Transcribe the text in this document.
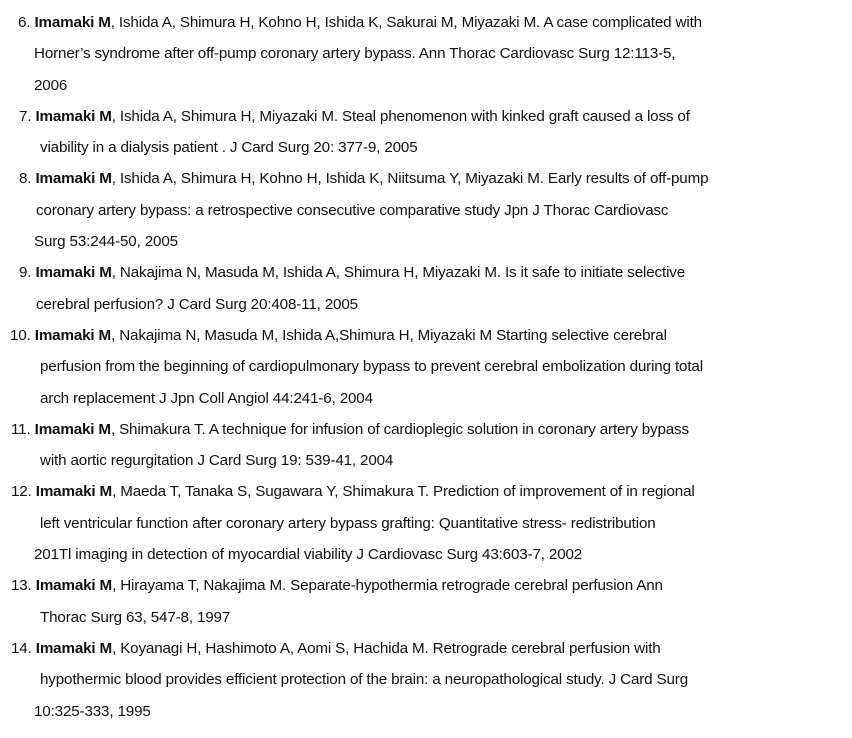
6. Imamaki M, Ishida A, Shimura H, Kohno H, Ishida K, Sakurai M, Miyazaki M. A case complicated with
Horner’s syndrome after off-pump coronary artery bypass. Ann Thorac Cardiovasc Surg 12:113-5,
2006

7. Imamaki M, Ishida A, Shimura H, Miyazaki M. Steal phenomenon with kinked graft caused a loss of
viability in a dialysis patient . J Card Surg 20: 377-9, 2005

8. Imamaki M, Ishida A, Shimura H, Kohno H, Ishida K, Niitsuma Y, Miyazaki M. Early results of off-pump
coronary artery bypass: a retrospective consecutive comparative study Jpn J Thorac Cardiovasc
Surg 53:244-50, 2005

9. Imamaki M, Nakajima N, Masuda M, Ishida A, Shimura H, Miyazaki M. Is it safe to initiate selective
cerebral perfusion? J Card Surg 20:408-11, 2005

10. Imamaki M, Nakajima N, Masuda M, Ishida A,Shimura H, Miyazaki M Starting selective cerebral
perfusion from the beginning of cardiopulmonary bypass to prevent cerebral embolization during total
arch replacement J Jpn Coll Angiol 44:241-6, 2004

11. Imamaki M, Shimakura T. A technique for infusion of cardioplegic solution in coronary artery bypass
with aortic regurgitation J Card Surg 19: 539-41, 2004

12. Imamaki M, Maeda T, Tanaka S, Sugawara Y, Shimakura T. Prediction of improvement of in regional
left ventricular function after coronary artery bypass grafting: Quantitative stress- redistribution
201Tl imaging in detection of myocardial viability J Cardiovasc Surg 43:603-7, 2002

13. Imamaki M, Hirayama T, Nakajima M. Separate-hypothermia retrograde cerebral perfusion Ann
Thorac Surg 63, 547-8, 1997

14. Imamaki M, Koyanagi H, Hashimoto A, Aomi S, Hachida M. Retrograde cerebral perfusion with
hypothermic blood provides efficient protection of the brain: a neuropathological study. J Card Surg
10:325-333, 1995
